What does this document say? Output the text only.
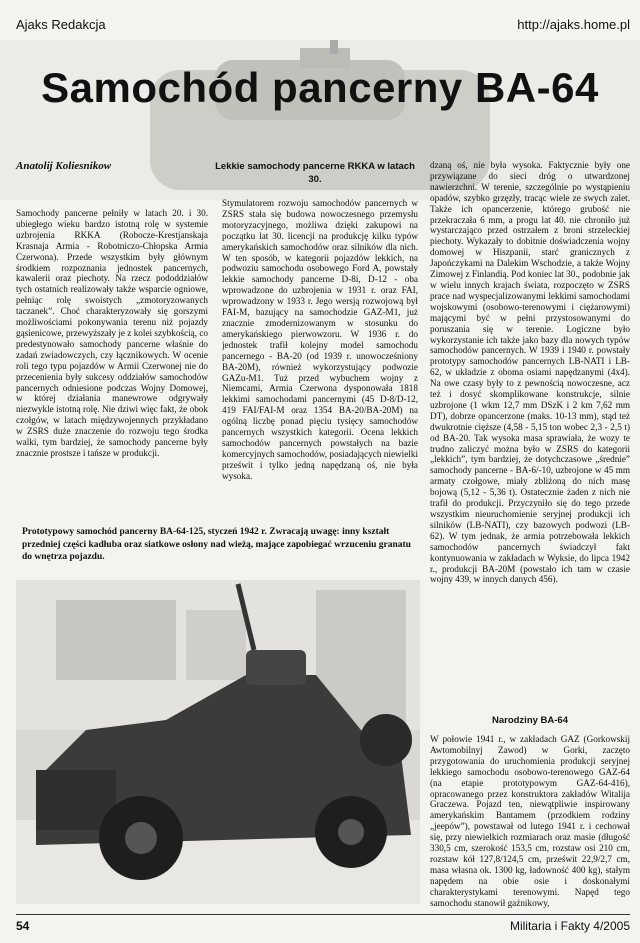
Ajaks Redakcja	http://ajaks.home.pl
Samochód pancerny BA-64
Anatolij Koliesnikow	Lekkie samochody pancerne RKKA w latach 30.
Samochody pancerne pełniły w latach 20. i 30. ubiegłego wieku bardzo istotną rolę w systemie uzbrojenia RKKA (Robocze-Krestjanskaja Krasnaja Armia - Robotniczo-Chłopska Armia Czerwona). Przede wszystkim były głównym środkiem rozpoznania jednostek pancernych, kawalerii oraz piechoty. Na rzecz pododdziałów tych ostatnich realizowały także wsparcie ogniowe, pełniąc rolę swoistych „zmotoryzowanych taczanek”. Choć charakteryzowały się gorszymi możliwościami pokonywania terenu niż pojazdy gąsienicowe, przewyższały je z kolei szybkością, co predestynowało samochody pancerne właśnie do zadań zwiadowczych, czy łącznikowych. W ocenie roli tego typu pojazdów w Armii Czerwonej nie do przecenienia były sukcesy oddziałów samochodów pancernych odniesione podczas Wojny Domowej, w której działania manewrowe odgrywały niezwykle istotną rolę. Nie dziwi więc fakt, że obok czołgów, w latach międzywojennych przykładano w ZSRS duże znaczenie do rozwoju tego środka walki, tym bardziej, że samochody pancerne były znacznie prostsze i tańsze w produkcji.
Stymulatorem rozwoju samochodów pancernych w ZSRS stała się budowa nowoczesnego przemysłu motoryzacyjnego, możliwa dzięki zakupowi na początku lat 30. licencji na produkcję kilku typów amerykańskich samochodów oraz silników dla nich. W ten sposób, w kategorii pojazdów lekkich, na podwoziu samochodu osobowego Ford A, powstały lekkie samochody pancerne D-8i, D-12 - oba wprowadzone do uzbrojenia w 1931 r. oraz FAI, wprowadzony w 1933 r. Jego wersją rozwojową był FAI-M, bazujący na samochodzie GAZ-M1, już znacznie zmodernizowanym w stosunku do amerykańskiego pierwowzoru. W 1936 r. do jednostek trafił kolejny model samochodu pancernego - BA-20 (od 1939 r. unowocześniony BA-20M), również wykorzystujący podwozie GAZu-M1. Tuż przed wybuchem wojny z Niemcami, Armia Czerwona dysponowała 1818 lekkimi samochodami pancernymi (45 D-8/D-12, 419 FAI/FAI-M oraz 1354 BA-20/BA-20M) na ogólną liczbę ponad pięciu tysięcy samochodów pancernych wszystkich kategorii. Ocena lekkich samochodów pancernych powstałych na bazie komercyjnych samochodów, posiadających niewielki prześwit i tylko jedną napędzaną oś, nie była wysoka.
dzaną oś, nie była wysoka. Faktycznie były one przywiązane do sieci dróg o utwardzonej nawierzchni. W terenie, szczególnie po wystąpieniu opadów, szybko grzęzły, tracąc wiele ze swych zalet. Także ich opancerzenie, którego grubość nie przekraczała 6 mm, a progu lat 40. nie chroniło już wystarczająco przed ostrzałem z broni strzeleckiej piechoty. Wykazały to dobitnie doświadczenia wojny domowej w Hiszpanii, starć granicznych z Japończykami na Dalekim Wschodzie, a także Wojny Zimowej z Finlandią. Pod koniec lat 30., podobnie jak w wielu innych krajach świata, rozpoczęto w ZSRS prace nad wyspecjalizowanymi lekkimi samochodami wojskowymi (osobowo-terenowymi i ciężarowymi) mającymi być w pełni przystosowanymi do poruszania się w terenie. Logiczne było wykorzystanie ich także jako bazy dla nowych typów samochodów pancernych. W 1939 i 1940 r. powstały prototypy samochodów pancernych LB-NATI i LB-62, w układzie z oboma osiami napędzanymi (4x4). Na owe czasy były to z pewnością nowoczesne, acz też i dosyć skomplikowane konstrukcje, silnie uzbrojone (1 wkm 12,7 mm DSzK i 2 km 7,62 mm DT), dobrze opancerzone (maks. 10-13 mm), stąd też dwukrotnie cięższe (4,58 - 5,15 ton wobec 2,3 - 2,5 t) od BA-20. Tak wysoka masa sprawiała, że wozy te trudno zaliczyć można było w ZSRS do kategorii „lekkich”, tym bardziej, że dotychczasowe „średnie” samochody pancerne - BA-6/-10, uzbrojone w 45 mm armaty czołgowe, miały zbliżoną do nich masę bojową (5,12 - 5,36 t). Ostatecznie żaden z nich nie trafił do produkcji. Przyczyniło się do tego przede wszystkim nieuruchomienie seryjnej produkcji ich silników (LB-NATI), czy bazowych podwozi (LB-62). W tym jednak, że armia potrzebowała lekkich samochodów pancernych świadczył fakt kontynuowania w zakładach w Wyksie, do lipca 1942 r., produkcji BA-20M (powstało ich tam w czasie wojny 439, w innych danych 456).
Narodziny BA-64
W połowie 1941 r., w zakładach GAZ (Gorkowskij Awtomobilnyj Zawod) w Gorki, zaczęto przygotowania do uruchomienia produkcji seryjnej lekkiego samochodu osobowo-terenowego GAZ-64 (na etapie prototypowym GAZ-64-416), opracowanego przez konstruktora zakładów Witalija Graczewa. Pojazd ten, niewątpliwie inspirowany amerykańskim Bantamem (przodkiem rodziny „jeepów”), powstawał od lutego 1941 r. i cechował się, przy niewielkich rozmiarach oraz masie (długość 330,5 cm, szerokość 153,5 cm, rozstaw osi 210 cm, rozstaw kół 127,8/124,5 cm, prześwit 22,9/2,7 cm, masa własna ok. 1300 kg, ładowność 400 kg), stałym napędem na obie osie i doskonałymi charakterystykami terenowymi. Napęd tego samochodu stanowił gaźnikowy,
Prototypowy samochód pancerny BA-64-125, styczeń 1942 r. Zwracają uwagę: inny kształt przedniej części kadłuba oraz siatkowe osłony nad wieżą, mające zapobiegać wrzuceniu granatu do wnętrza pojazdu.
54	Militaria i Fakty 4/2005
